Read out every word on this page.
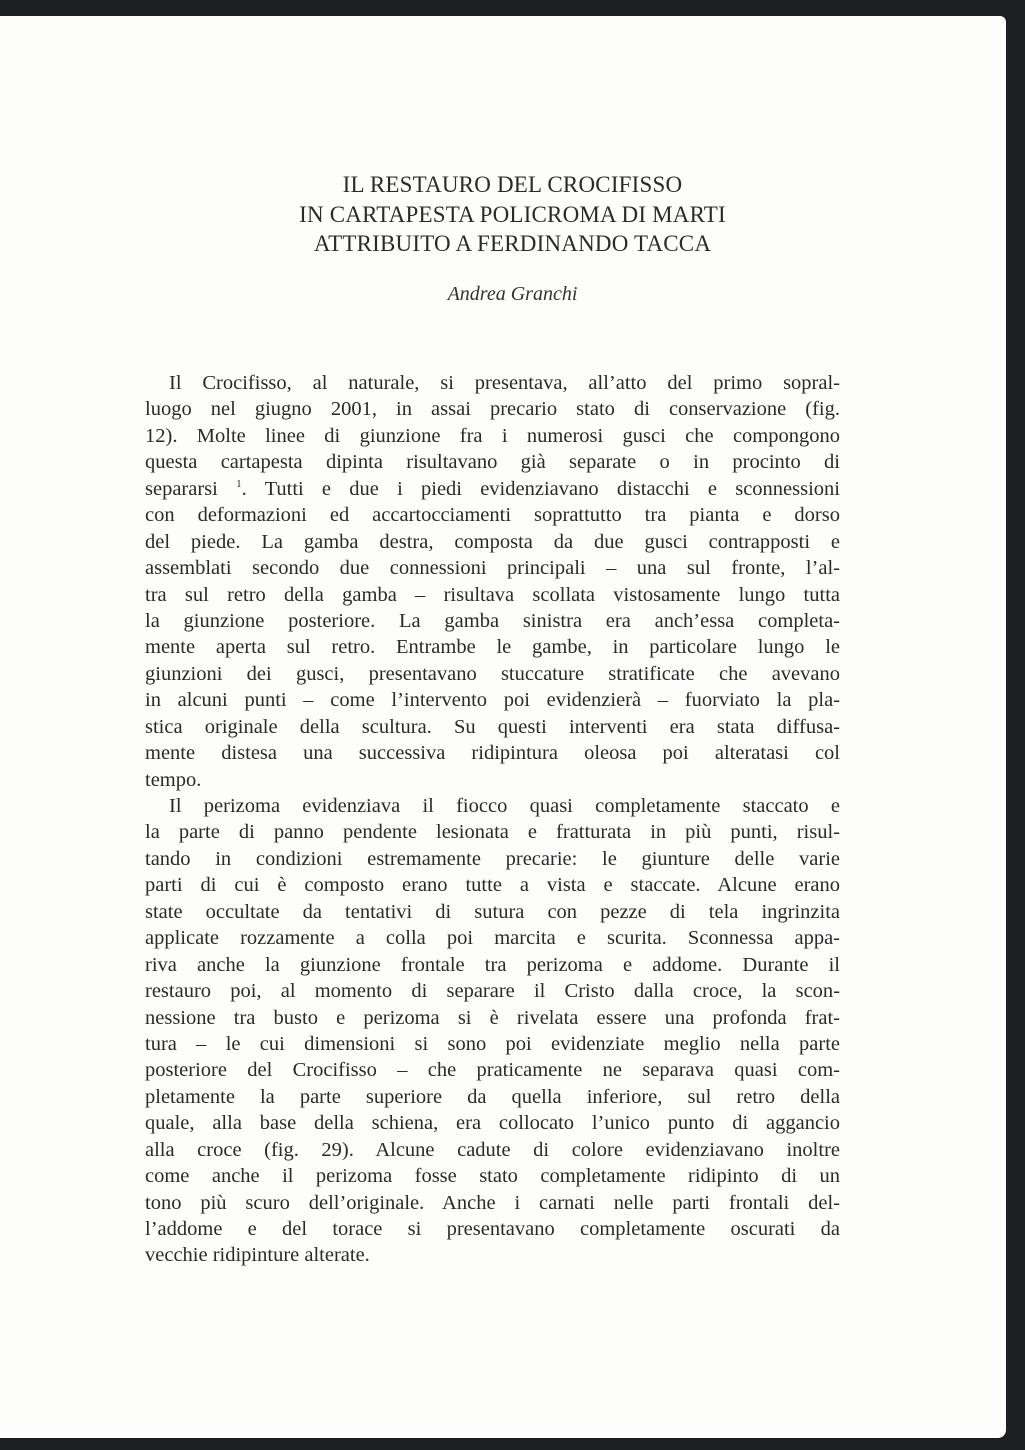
IL RESTAURO DEL CROCIFISSO
IN CARTAPESTA POLICROMA DI MARTI
ATTRIBUITO A FERDINANDO TACCA
Andrea Granchi
Il Crocifisso, al naturale, si presentava, all’atto del primo sopral-
luogo nel giugno 2001, in assai precario stato di conservazione (fig.
12). Molte linee di giunzione fra i numerosi gusci che compongono
questa cartapesta dipinta risultavano già separate o in procinto di
separarsi $^1$. Tutti e due i piedi evidenziavano distacchi e sconnessioni
con deformazioni ed accartocciamenti soprattutto tra pianta e dorso
del piede. La gamba destra, composta da due gusci contrapposti e
assemblati secondo due connessioni principali – una sul fronte, l’al-
tra sul retro della gamba – risultava scollata vistosamente lungo tutta
la giunzione posteriore. La gamba sinistra era anch’essa completa-
mente aperta sul retro. Entrambe le gambe, in particolare lungo le
giunzioni dei gusci, presentavano stuccature stratificate che avevano
in alcuni punti – come l’intervento poi evidenzierà – fuorviato la pla-
stica originale della scultura. Su questi interventi era stata diffusa-
mente distesa una successiva ridipintura oleosa poi alteratasi col
tempo.
Il perizoma evidenziava il fiocco quasi completamente staccato e
la parte di panno pendente lesionata e fratturata in più punti, risul-
tando in condizioni estremamente precarie: le giunture delle varie
parti di cui è composto erano tutte a vista e staccate. Alcune erano
state occultate da tentativi di sutura con pezze di tela ingrinzita
applicate rozzamente a colla poi marcita e scurita. Sconnessa appa-
riva anche la giunzione frontale tra perizoma e addome. Durante il
restauro poi, al momento di separare il Cristo dalla croce, la scon-
nessione tra busto e perizoma si è rivelata essere una profonda frat-
tura – le cui dimensioni si sono poi evidenziate meglio nella parte
posteriore del Crocifisso – che praticamente ne separava quasi com-
pletamente la parte superiore da quella inferiore, sul retro della
quale, alla base della schiena, era collocato l’unico punto di aggancio
alla croce (fig. 29). Alcune cadute di colore evidenziavano inoltre
come anche il perizoma fosse stato completamente ridipinto di un
tono più scuro dell’originale. Anche i carnati nelle parti frontali del-
l’addome e del torace si presentavano completamente oscurati da
vecchie ridipinture alterate.
